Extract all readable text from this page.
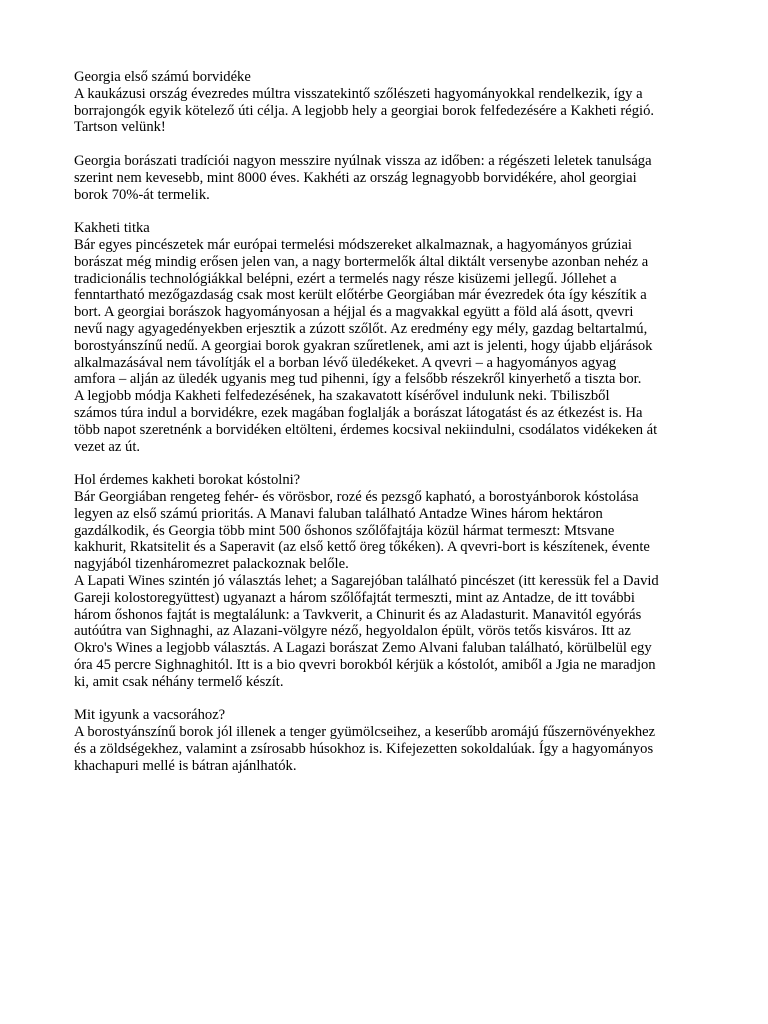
Georgia első számú borvidéke
A kaukázusi ország évezredes múltra visszatekintő szőlészeti hagyományokkal rendelkezik, így a
borrajongók egyik kötelező úti célja. A legjobb hely a georgiai borok felfedezésére a Kakheti régió.
Tartson velünk!
Georgia borászati tradíciói nagyon messzire nyúlnak vissza az időben: a régészeti leletek tanulsága
szerint nem kevesebb, mint 8000 éves. Kakhéti az ország legnagyobb borvidékére, ahol georgiai
borok 70%-át termelik.
Kakheti titka
Bár egyes pincészetek már európai termelési módszereket alkalmaznak, a hagyományos grúziai
borászat még mindig erősen jelen van, a nagy bortermelők által diktált versenybe azonban nehéz a
tradicionális technológiákkal belépni, ezért a termelés nagy része kisüzemi jellegű. Jóllehet a
fenntartható mezőgazdaság csak most került előtérbe Georgiában már évezredek óta így készítik a
bort. A georgiai borászok hagyományosan a héjjal és a magvakkal együtt a föld alá ásott, qvevri
nevű nagy agyagedényekben erjesztik a zúzott szőlőt. Az eredmény egy mély, gazdag beltartalmú,
borostyánszínű nedű. A georgiai borok gyakran szűretlenek, ami azt is jelenti, hogy újabb eljárások
alkalmazásával nem távolítják el a borban lévő üledékeket. A qvevri – a hagyományos agyag
amfora – alján az üledék ugyanis meg tud pihenni, így a felsőbb részekről kinyerhető a tiszta bor.
A legjobb módja Kakheti felfedezésének, ha szakavatott kísérővel indulunk neki. Tbiliszből
számos túra indul a borvidékre, ezek magában foglalják a borászat látogatást és az étkezést is. Ha
több napot szeretnénk a borvidéken eltölteni, érdemes kocsival nekiindulni, csodálatos vidékeken át
vezet az út.
Hol érdemes kakheti borokat kóstolni?
Bár Georgiában rengeteg fehér- és vörösbor, rozé és pezsgő kapható, a borostyánborok kóstolása
legyen az első számú prioritás. A Manavi faluban található Antadze Wines három hektáron
gazdálkodik, és Georgia több mint 500 őshonos szőlőfajtája közül hármat termeszt: Mtsvane
kakhurit, Rkatsitelit és a Saperavit (az első kettő öreg tőkéken). A qvevri-bort is készítenek, évente
nagyjából tizenháromezret palackoznak belőle.
A Lapati Wines szintén jó választás lehet; a Sagarejóban található pincészet (itt keressük fel a David
Gareji kolostoregyüttest) ugyanazt a három szőlőfajtát termeszti, mint az Antadze, de itt további
három őshonos fajtát is megtalálunk: a Tavkverit, a Chinurit és az Aladasturit. Manavitól egyórás
autóútra van Sighnaghi, az Alazani-völgyre néző, hegyoldalon épült, vörös tetős kisváros. Itt az
Okro's Wines a legjobb választás. A Lagazi borászat Zemo Alvani faluban található, körülbelül egy
óra 45 percre Sighnaghitól. Itt is a bio qvevri borokból kérjük a kóstolót, amiből a Jgia ne maradjon
ki, amit csak néhány termelő készít.
Mit igyunk a vacsorához?
A borostyánszínű borok jól illenek a tenger gyümölcseihez, a keserűbb aromájú fűszernövényekhez
és a zöldségekhez, valamint a zsírosabb húsokhoz is. Kifejezetten sokoldalúak. Így a hagyományos
khachapuri mellé is bátran ajánlhatók.
